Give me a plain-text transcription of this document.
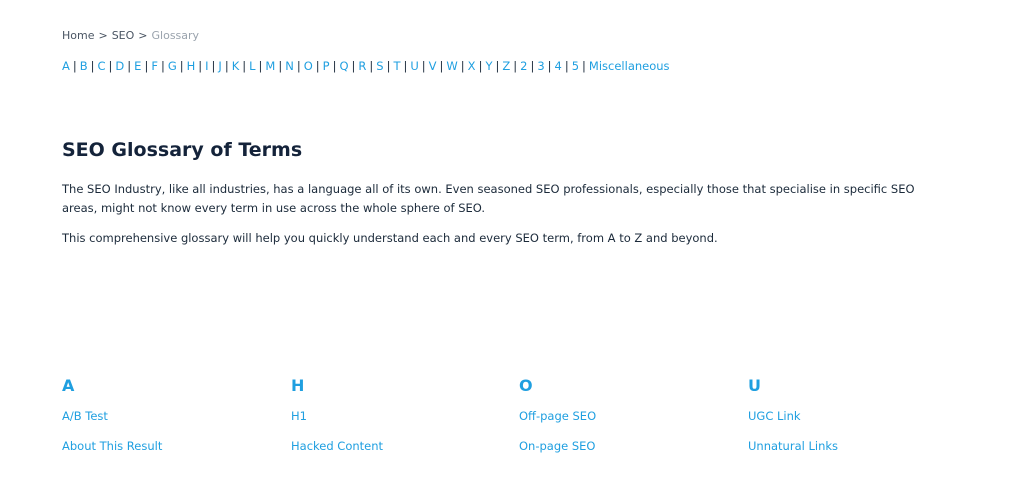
Home > SEO > Glossary
A | B | C | D | E | F | G | H | I | J | K | L | M | N | O | P | Q | R | S | T | U | V | W | X | Y | Z | 2 | 3 | 4 | 5 | Miscellaneous
SEO Glossary of Terms

The SEO Industry, like all industries, has a language all of its own. Even seasoned SEO professionals, especially those that specialise in specific SEO areas, might not know every term in use across the whole sphere of SEO.

This comprehensive glossary will help you quickly understand each and every SEO term, from A to Z and beyond.

A
A/B Test
About This Result
H
H1
Hacked Content
O
Off-page SEO
On-page SEO
U
UGC Link
Unnatural Links
